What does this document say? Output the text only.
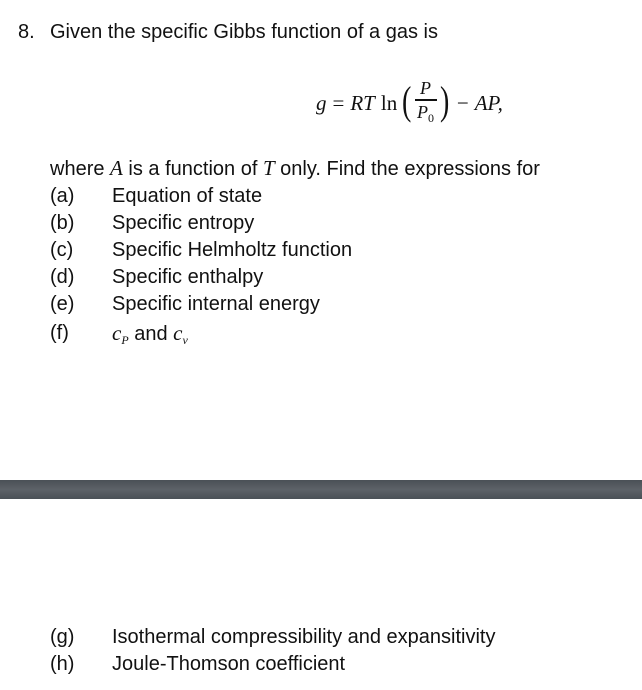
8. Given the specific Gibbs function of a gas is
g = RT ln ( $\frac{P}{P_0}$ ) − AP,
where A is a function of T only. Find the expressions for
(a) Equation of state
(b) Specific entropy
(c) Specific Helmholtz function
(d) Specific enthalpy
(e) Specific internal energy
(f) $c_P$ and $c_v$
(g) Isothermal compressibility and expansitivity
(h) Joule-Thomson coefficient
